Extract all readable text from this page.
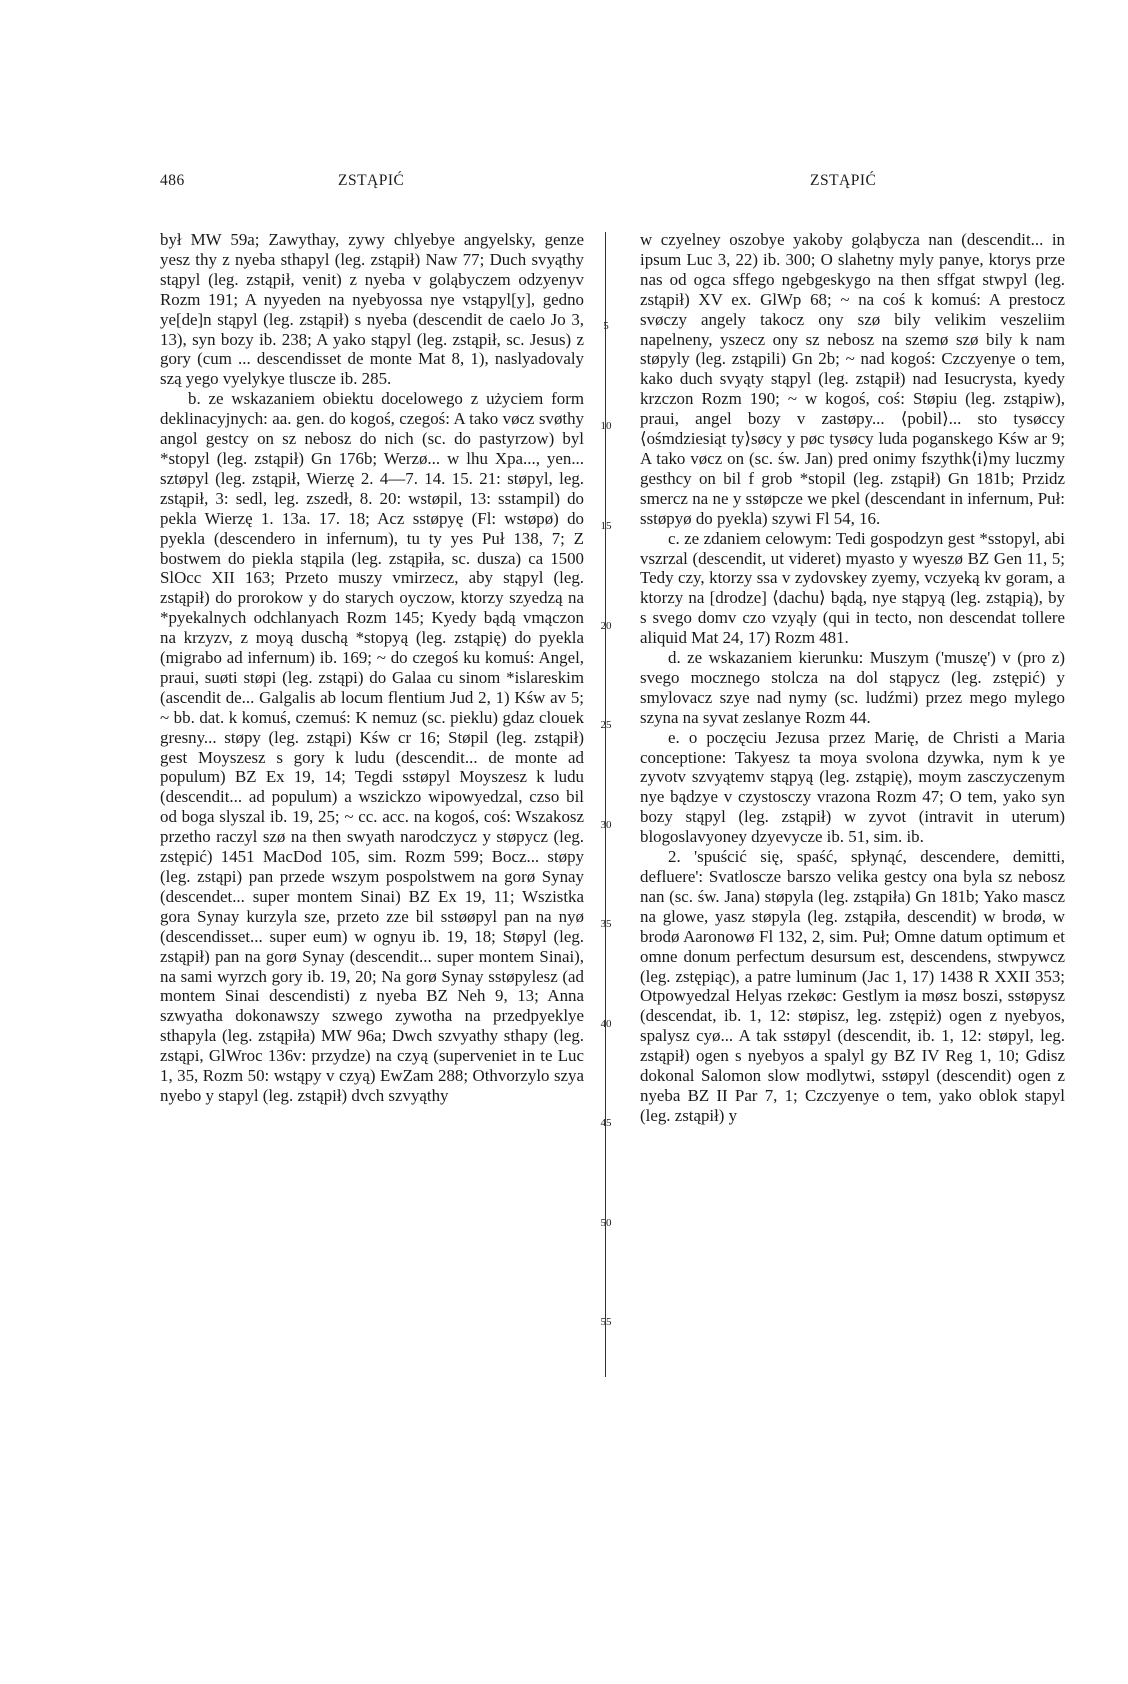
486	ZSTĄPIĆ	ZSTĄPIĆ

był MW 59a; Zawythay, zywy chlyebye angyelsky, genze yesz thy z nyeba sthapyl (leg. zstąpił) Naw 77; Duch svyąthy stąpyl (leg. zstąpił, venit) z nyeba v goląbyczem odzyenyv Rozm 191; A nyyeden na nyebyossa nye vstąpyl[y], gedno ye[de]n stąpyl (leg. zstąpił) s nyeba (descendit de caelo Jo 3, 13), syn bozy ib. 238; A yako stąpyl (leg. zstąpił, sc. Jesus) z gory (cum ... descendisset de monte Mat 8, 1), naslyadovaly szą yego vyelykye tlusczе ib. 285.

b. ze wskazaniem obiektu docelowego z użyciem form deklinacyjnych: aa. gen. do kogoś, czegoś: A tako vøcz svøthy angol gestcy on sz nebosz do nich (sc. do pastyrzow) byl *stopyl (leg. zstąpił) Gn 176b; Werzø... w lhu Xpa..., yen... sztøpyl (leg. zstąpił, Wierzę 2. 4—7. 14. 15. 21: støpyl, leg. zstąpił, 3: sedl, leg. zszedł, 8. 20: wstøpil, 13: sstampil) do pekla Wierzę 1. 13a. 17. 18; Acz sstøpyę (Fl: wstøpø) do pyekla (descendero in infernum), tu ty yes Puł 138, 7; Z bostwem do piekla stąpila (leg. zstąpiła, sc. dusza) ca 1500 SlOcc XII 163; Przeto muszy vmirzecz, aby stąpyl (leg. zstąpił) do prorokow y do starych oyczow, ktorzy szyedzą na *pyekalnych odchlanyach Rozm 145; Kyedy bądą vmączon na krzyzv, z moyą duschą *stopyą (leg. zstąpię) do pyekla (migrabo ad infernum) ib. 169; ~ do czegoś ku komuś: Angel, praui, suøti støpi (leg. zstąpi) do Galaa cu sinom *islareskim (ascendit de... Galgalis ab locum flentium Jud 2, 1) Kśw av 5; ~ bb. dat. k komuś, czemuś: K nemuz (sc. pieklu) gdaz clouek gresny... støpy (leg. zstąpi) Kśw cr 16; Støpil (leg. zstąpił) gest Moyszesz s gory k ludu (descendit... de monte ad populum) BZ Ex 19, 14; Tegdi sstøpyl Moyszesz k ludu (descendit... ad populum) a wszickzo wipowyedzal, czso bil od boga slyszal ib. 19, 25; ~ cc. acc. na kogoś, coś: Wszakosz przetho raczyl szø na then swyath narodczycz y støpycz (leg. zstępić) 1451 MacDod 105, sim. Rozm 599; Bocz... støpy (leg. zstąpi) pan przede wszym pospolstwem na gorø Synay (descendet... super montem Sinai) BZ Ex 19, 11; Wszistka gora Synay kurzyla sze, przeto zze bil sstøøpyl pan na nyø (descendisset... super eum) w ognyu ib. 19, 18; Støpyl (leg. zstąpił) pan na gorø Synay (descendit... super montem Sinai), na sami wyrzch gory ib. 19, 20; Na gorø Synay sstøpylesz (ad montem Sinai descendisti) z nyeba BZ Neh 9, 13; Anna szwyatha dokonawszy szwego zywotha na przedpyeklye sthapyla (leg. zstąpiła) MW 96a; Dwch szvyathy sthapy (leg. zstąpi, GlWroc 136v: przydze) na czyą (superveniet in te Luc 1, 35, Rozm 50: wstąpy v czyą) EwZam 288; Othvorzylo szya nyebo y stapyl (leg. zstąpił) dvch szvyąthy

5
10
15
20
25
30
35
40
45
50
55

w czyelney oszobye yakoby goląbycza nan (descendit... in ipsum Luc 3, 22) ib. 300; O slahetny myly panye, ktorys prze nas od ogca sffego ngebgeskygo na then sffgat stwpyl (leg. zstąpił) XV ex. GlWp 68; ~ na coś k komuś: A prestocz svøczy angely takocz ony szø bily velikim veszeliim napelneny, yszecz ony sz nebosz na szemø szø bily k nam støpyly (leg. zstąpili) Gn 2b; ~ nad kogoś: Czczyenye o tem, kako duch svyąty stąpyl (leg. zstąpił) nad Iesucrysta, kyedy krzczon Rozm 190; ~ w kogoś, coś: Støpiu (leg. zstąpiw), praui, angel bozy v zastøpy... ⟨pobil⟩... sto tysøccy ⟨ośmdziesiąt ty⟩søcy y pøc tysøcy luda poganskego Kśw ar 9; A tako vøcz on (sc. św. Jan) pred onimy fszythk⟨i⟩my luczmy gesthcy on bil f grob *stopil (leg. zstąpił) Gn 181b; Przidz smercz na ne y sstøpcze we pkel (descendant in infernum, Puł: sstøpyø do pyekla) szywi Fl 54, 16.

c. ze zdaniem celowym: Tedi gospodzyn gest *sstopyl, abi vszrzal (descendit, ut videret) myasto y wyeszø BZ Gen 11, 5; Tedy czy, ktorzy ssa v zydovskey zyemy, vczyeką kv goram, a ktorzy na [drodze] ⟨dachu⟩ bądą, nye stąpyą (leg. zstąpią), by s svego domv czo vzyąly (qui in tecto, non descendat tollere aliquid Mat 24, 17) Rozm 481.

d. ze wskazaniem kierunku: Muszym ('muszę') v (pro z) svego mocznego stolcza na dol stąpycz (leg. zstępić) y smylovacz szye nad nymy (sc. ludźmi) przez mego mylego szyna na syvat zeslanye Rozm 44.

e. o poczęciu Jezusa przez Marię, de Christi a Maria conceptione: Takyesz ta moya svolona dzywka, nym k ye zyvotv szvyątemv stąpyą (leg. zstąpię), moym zasczyczenym nye bądzye v czystosczy vrazona Rozm 47; O tem, yako syn bozy stąpyl (leg. zstąpił) w zyvot (intravit in uterum) blogoslavyoney dzyevycze ib. 51, sim. ib.

2. 'spuścić się, spaść, spłynąć, descendere, demitti, defluere': Svatlosczе barszo velika gestcy ona byla sz nebosz nan (sc. św. Jana) støpyla (leg. zstąpiła) Gn 181b; Yako mascz na glowe, yasz støpyla (leg. zstąpiła, descendit) w brodø, w brodø Aaronowø Fl 132, 2, sim. Puł; Omne datum optimum et omne donum perfectum desursum est, descendens, stwpywcz (leg. zstępiąc), a patre luminum (Jac 1, 17) 1438 R XXII 353; Otpowyedzal Helyas rzekøc: Gestlym ia møsz boszi, sstøpysz (descendat, ib. 1, 12: støpisz, leg. zstępiż) ogen z nyebyos, spalysz cyø... A tak sstøpyl (descendit, ib. 1, 12: støpyl, leg. zstąpił) ogen s nyebyos a spalyl gy BZ IV Reg 1, 10; Gdisz dokonal Salomon slow modlytwi, sstøpyl (descendit) ogen z nyeba BZ II Par 7, 1; Czczyenye o tem, yako oblok stapyl (leg. zstąpił) y
